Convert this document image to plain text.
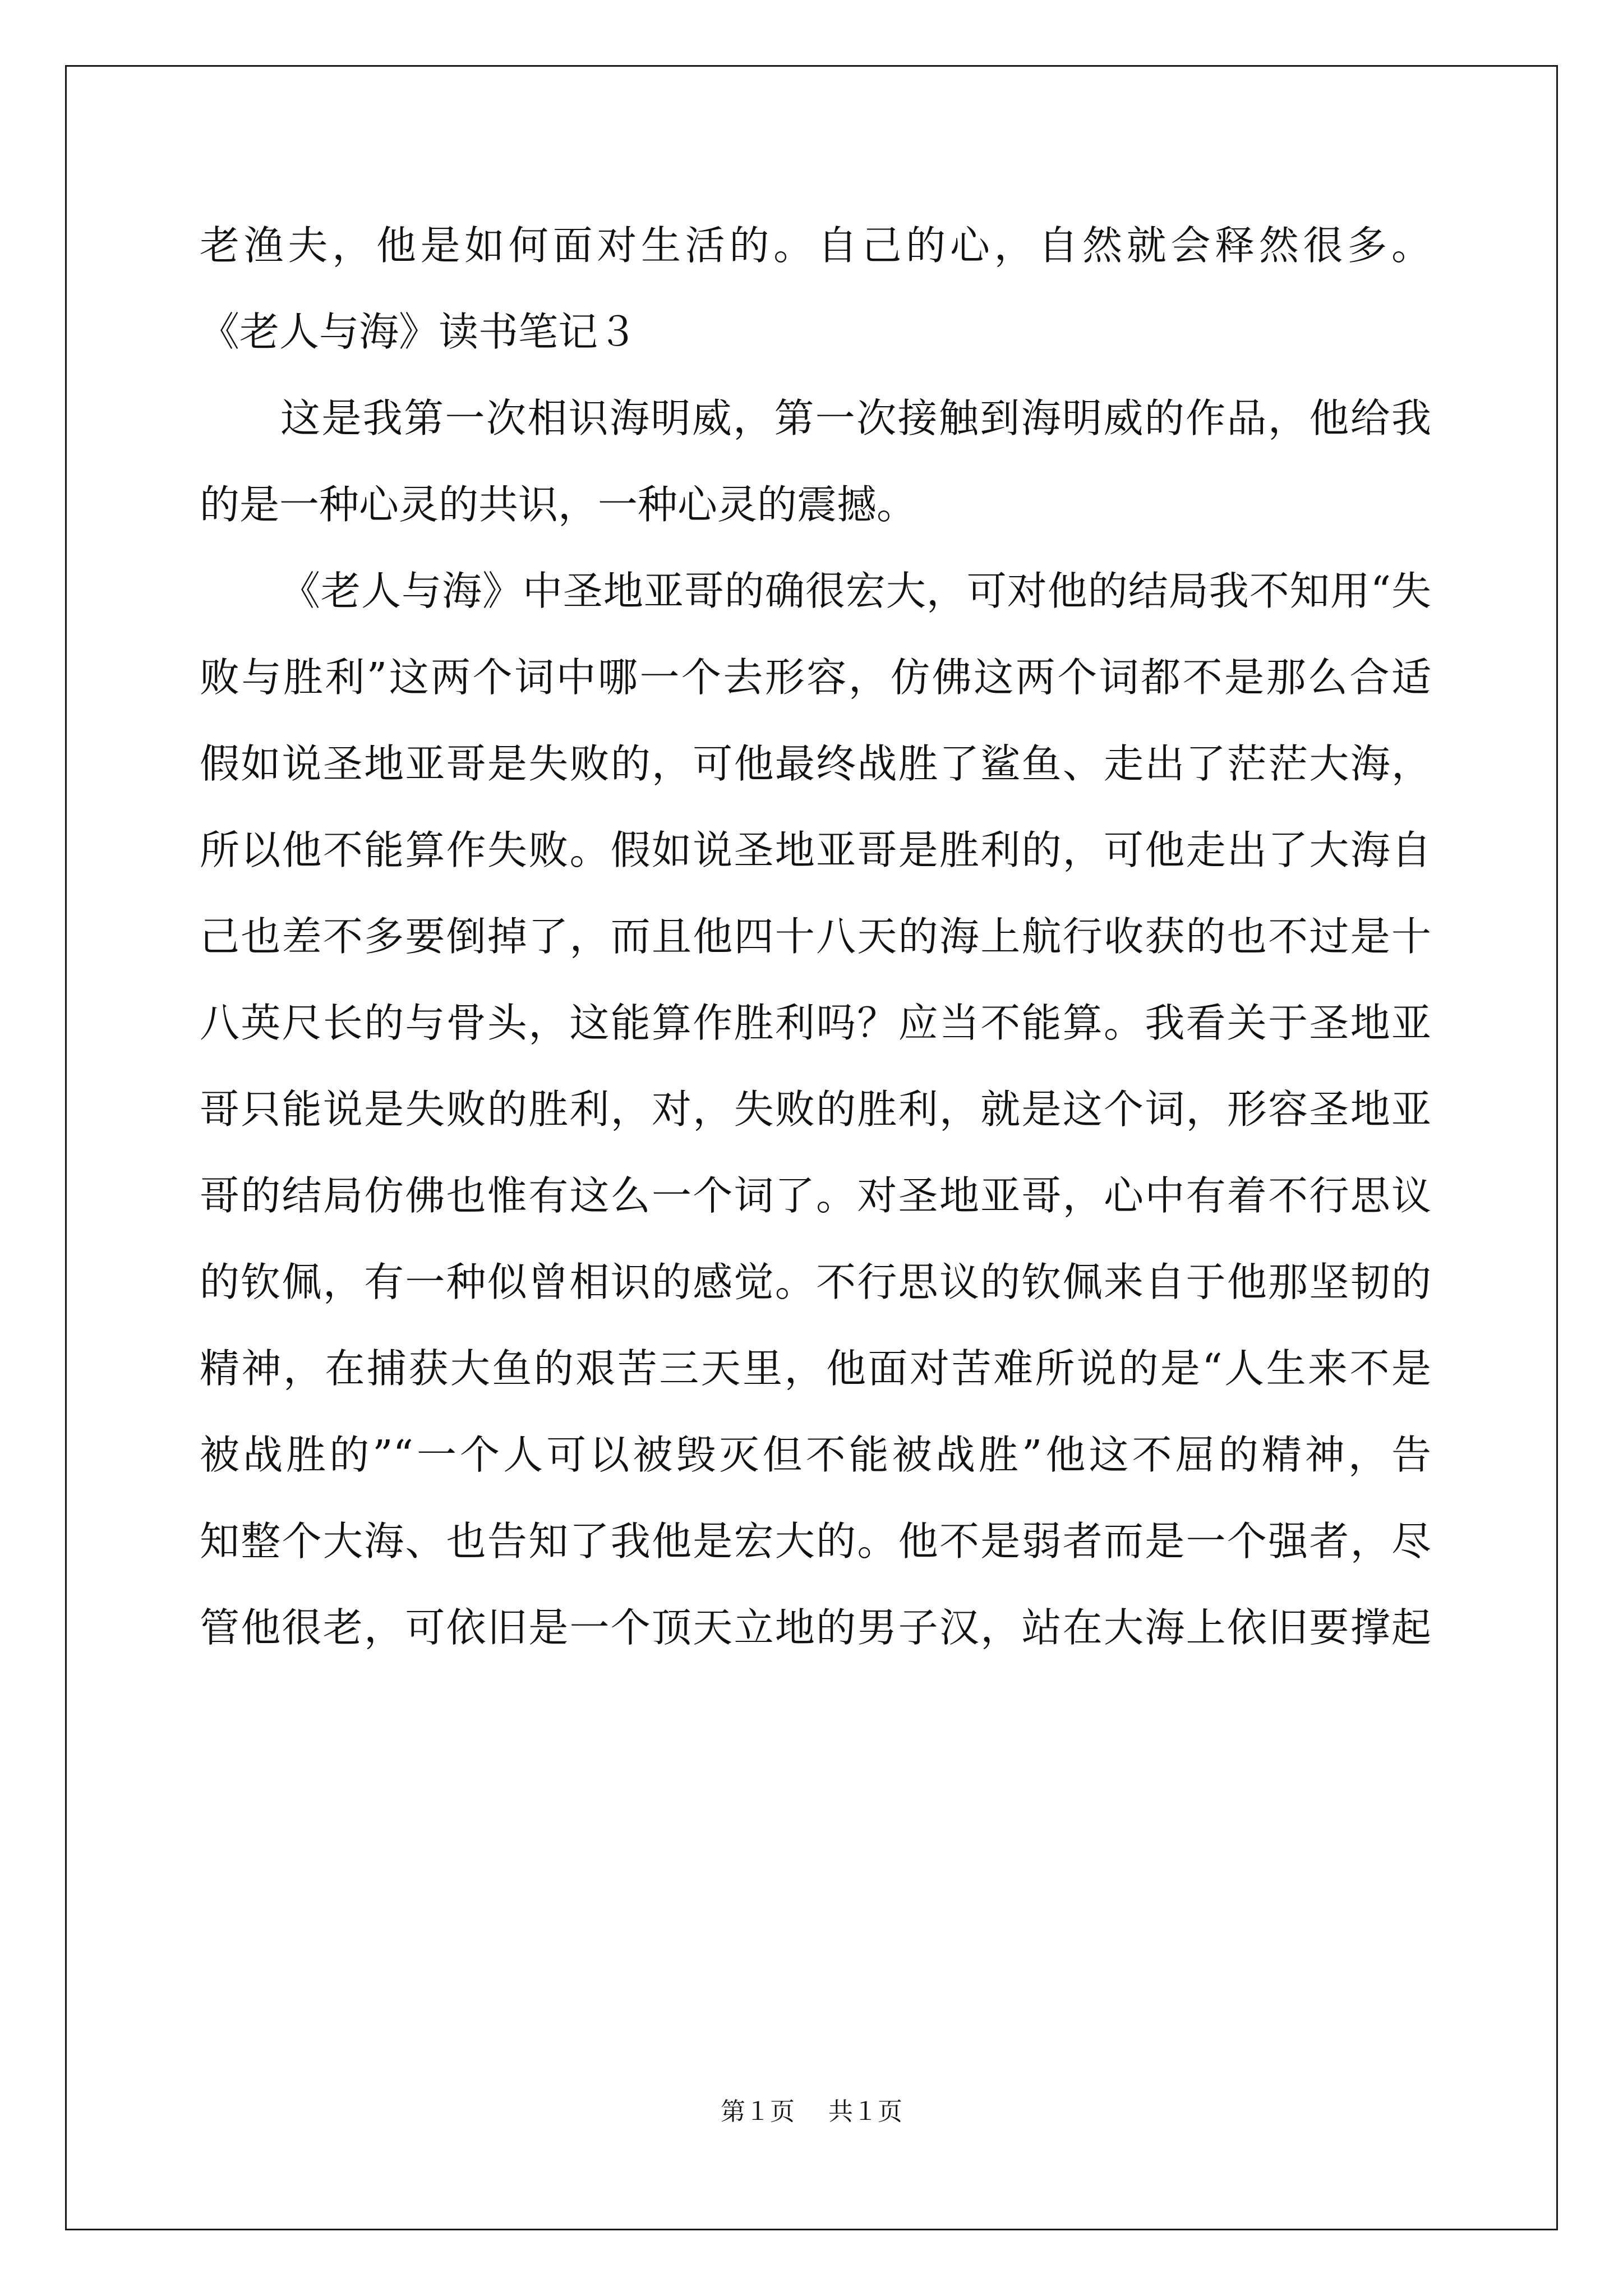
老渔夫，他是如何面对生活的。自己的心，自然就会释然很多。
《老人与海》读书笔记３
这是我第一次相识海明威，第一次接触到海明威的作品，他给我
的是一种心灵的共识，一种心灵的震撼。
《老人与海》中圣地亚哥的确很宏大，可对他的结局我不知用“失
败与胜利”这两个词中哪一个去形容，仿佛这两个词都不是那么合适
假如说圣地亚哥是失败的，可他最终战胜了鲨鱼、走出了茫茫大海，
所以他不能算作失败。假如说圣地亚哥是胜利的，可他走出了大海自
己也差不多要倒掉了，而且他四十八天的海上航行收获的也不过是十
八英尺长的与骨头，这能算作胜利吗？应当不能算。我看关于圣地亚
哥只能说是失败的胜利，对，失败的胜利，就是这个词，形容圣地亚
哥的结局仿佛也惟有这么一个词了。对圣地亚哥，心中有着不行思议
的钦佩，有一种似曾相识的感觉。不行思议的钦佩来自于他那坚韧的
精神，在捕获大鱼的艰苦三天里，他面对苦难所说的是“人生来不是
被战胜的”“一个人可以被毁灭但不能被战胜”他这不屈的精神，告
知整个大海、也告知了我他是宏大的。他不是弱者而是一个强者，尽
管他很老，可依旧是一个顶天立地的男子汉，站在大海上依旧要撑起
第１页 共１页
